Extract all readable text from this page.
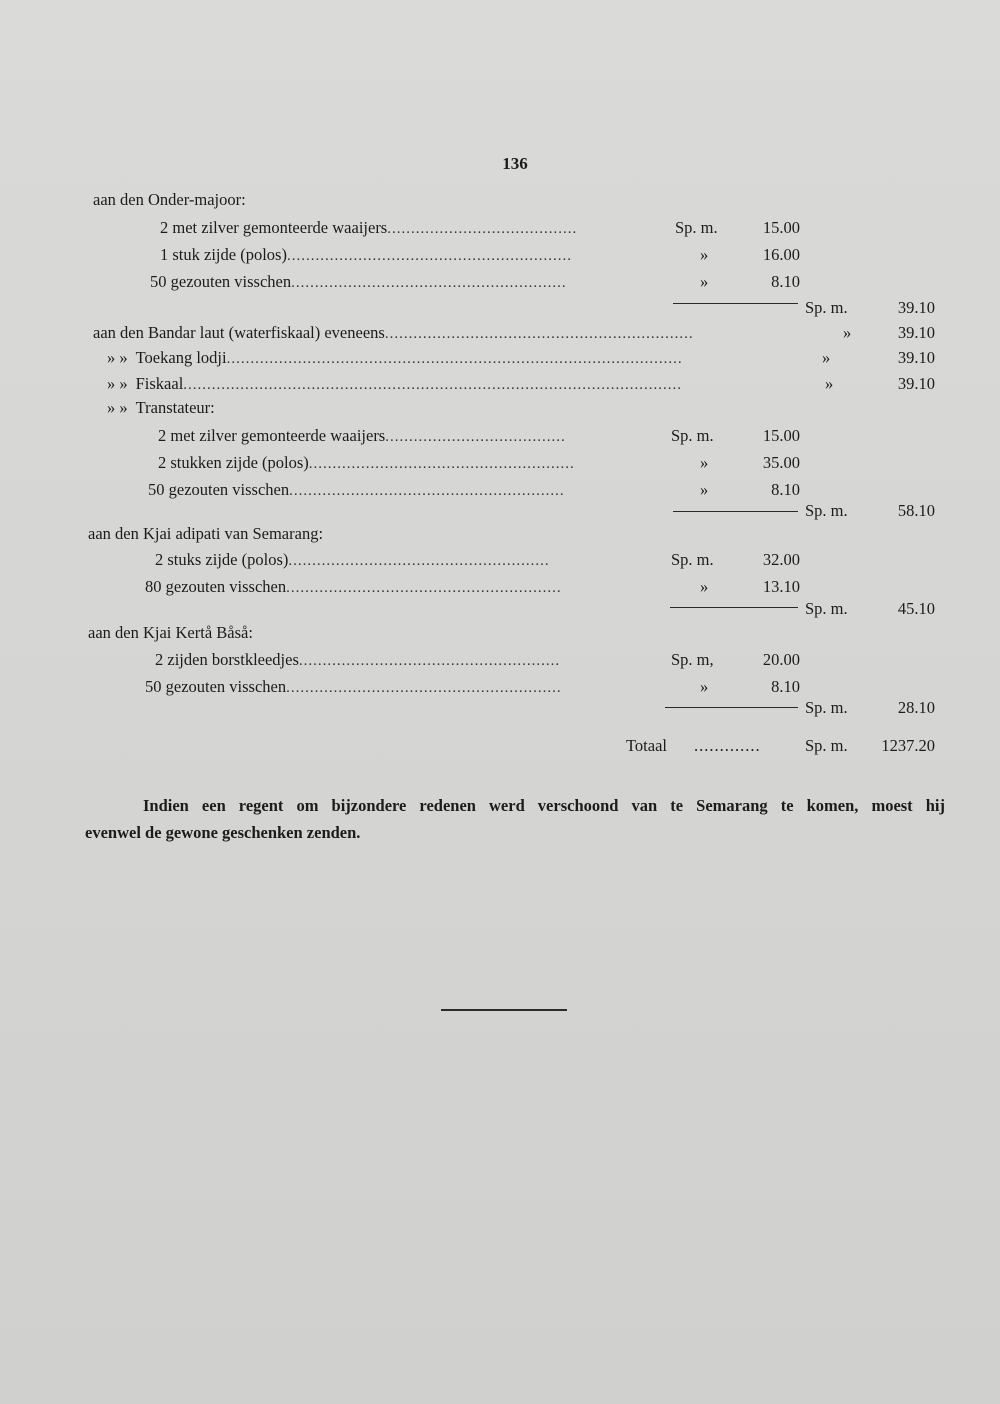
136
aan den Onder-majoor:
2 met zilver gemonteerde waaijers ........................................	Sp. m.	15.00
1 stuk zijde (polos) ............................................................	»	16.00
50 gezouten visschen ..........................................................	»	8.10
Sp. m.	39.10
aan den Bandar laut (waterfiskaal) eveneens .................................................................	»	39.10
» » Toekang lodji ................................................................................................	»	39.10
» » Fiskaal .........................................................................................................	»	39.10
» » Transtateur:
2 met zilver gemonteerde waaijers ......................................	Sp. m.	15.00
2 stukken zijde (polos) ........................................................	»	35.00
50 gezouten visschen ..........................................................	»	8.10
Sp. m.	58.10
aan den Kjai adipati van Semarang:
2 stuks zijde (polos) .......................................................	Sp. m.	32.00
80 gezouten visschen ..........................................................	»	13.10
Sp. m.	45.10
aan den Kjai Kertå Båså:
2 zijden borstkleedjes .......................................................	Sp. m,	20.00
50 gezouten visschen ..........................................................	»	8.10
Sp. m.	28.10
Totaal .............	Sp. m.	1237.20
Indien een regent om bijzondere redenen werd verschoond van te Semarang te komen, moest hij
evenwel de gewone geschenken zenden.
